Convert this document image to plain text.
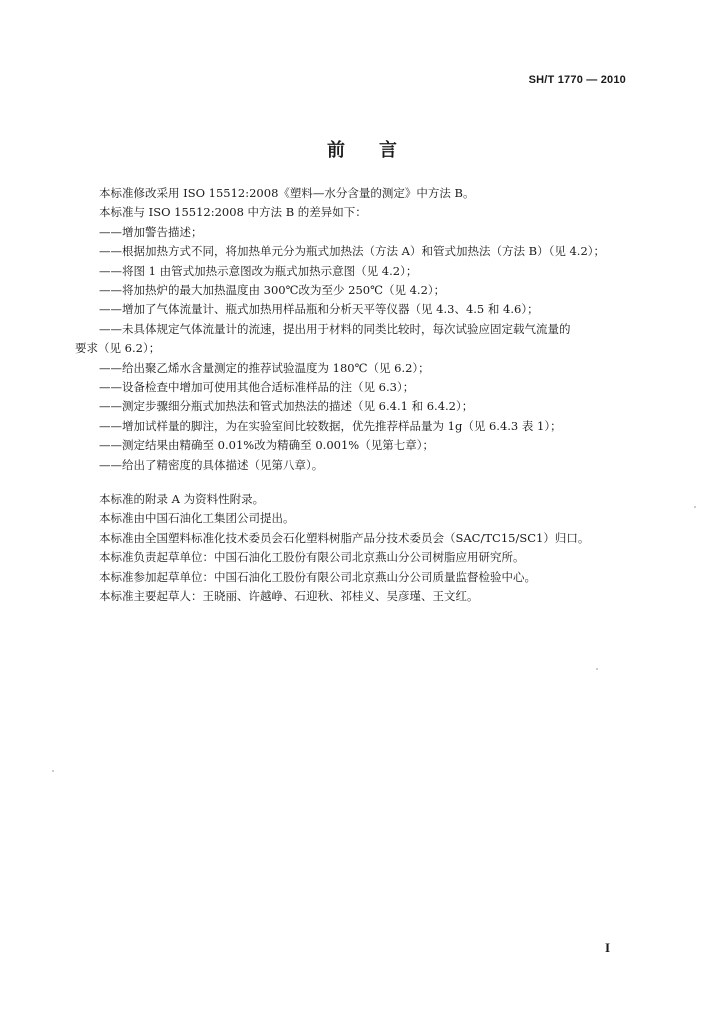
SH/T 1770 — 2010
前言
本标准修改采用 ISO 15512:2008《塑料—水分含量的测定》中方法 B。
本标准与 ISO 15512:2008 中方法 B 的差异如下：
——增加警告描述；
——根据加热方式不同，将加热单元分为瓶式加热法（方法 A）和管式加热法（方法 B）（见 4.2）；
——将图 1 由管式加热示意图改为瓶式加热示意图（见 4.2）；
——将加热炉的最大加热温度由 300℃改为至少 250℃（见 4.2）；
——增加了气体流量计、瓶式加热用样品瓶和分析天平等仪器（见 4.3、4.5 和 4.6）；
——未具体规定气体流量计的流速，提出用于材料的同类比较时，每次试验应固定载气流量的
要求（见 6.2）；
——给出聚乙烯水含量测定的推荐试验温度为 180℃（见 6.2）；
——设备检查中增加可使用其他合适标准样品的注（见 6.3）；
——测定步骤细分瓶式加热法和管式加热法的描述（见 6.4.1 和 6.4.2）；
——增加试样量的脚注，为在实验室间比较数据，优先推荐样品量为 1g（见 6.4.3 表 1）；
——测定结果由精确至 0.01%改为精确至 0.001%（见第七章）；
——给出了精密度的具体描述（见第八章）。
本标准的附录 A 为资料性附录。
本标准由中国石油化工集团公司提出。
本标准由全国塑料标准化技术委员会石化塑料树脂产品分技术委员会（SAC/TC15/SC1）归口。
本标准负责起草单位：中国石油化工股份有限公司北京燕山分公司树脂应用研究所。
本标准参加起草单位：中国石油化工股份有限公司北京燕山分公司质量监督检验中心。
本标准主要起草人：王晓丽、许越峥、石迎秋、祁桂义、吴彦瑾、王文红。
I
